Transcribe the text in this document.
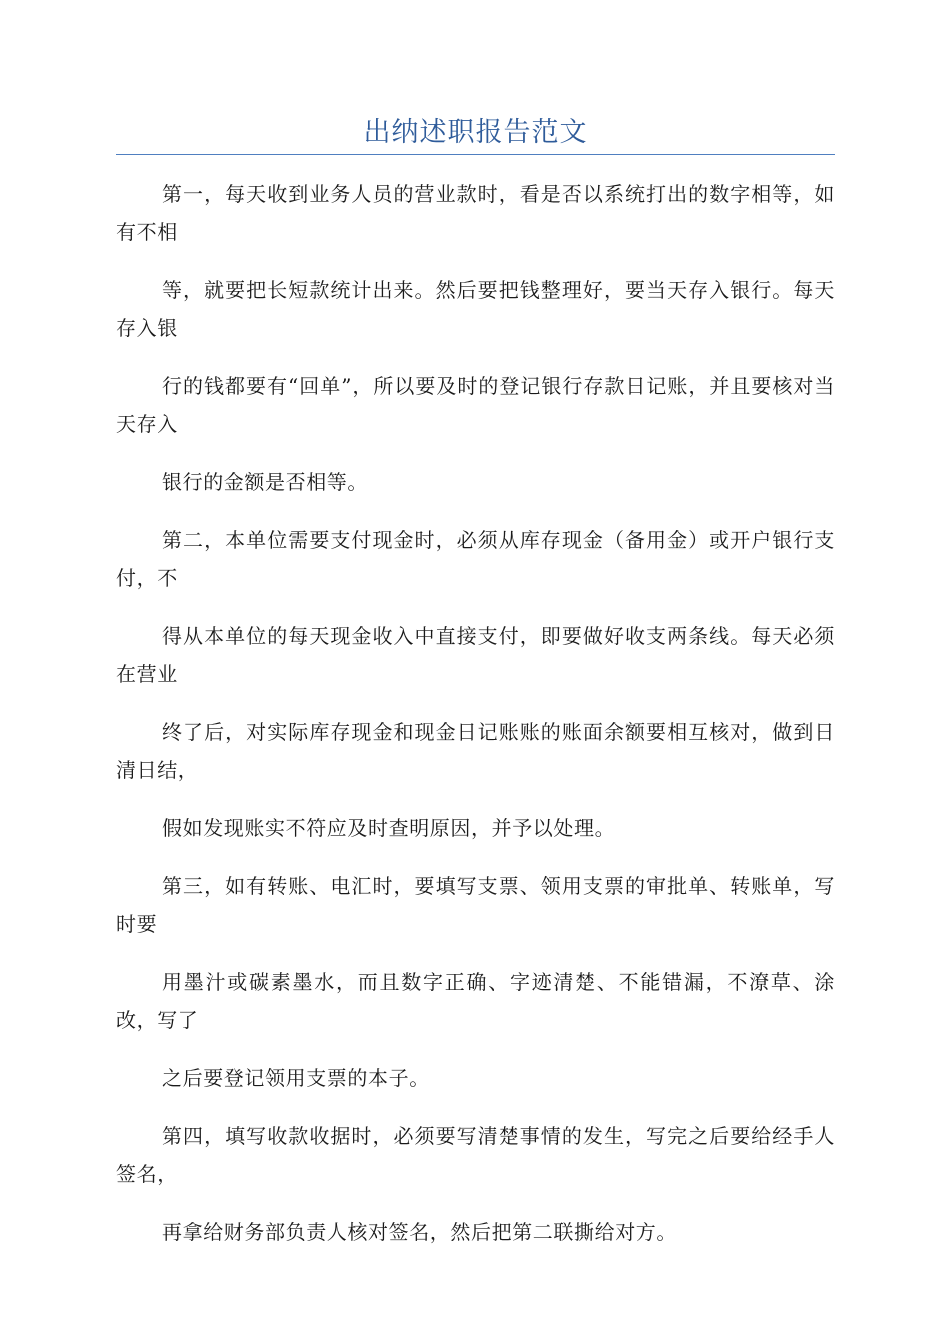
出纳述职报告范文

第一，每天收到业务人员的营业款时，看是否以系统打出的数字相等，如有不相

等，就要把长短款统计出来。然后要把钱整理好，要当天存入银行。每天存入银

行的钱都要有“回单”，所以要及时的登记银行存款日记账，并且要核对当天存入

银行的金额是否相等。

第二，本单位需要支付现金时，必须从库存现金（备用金）或开户银行支付，不

得从本单位的每天现金收入中直接支付，即要做好收支两条线。每天必须在营业

终了后，对实际库存现金和现金日记账账的账面余额要相互核对，做到日清日结，

假如发现账实不符应及时查明原因，并予以处理。

第三，如有转账、电汇时，要填写支票、领用支票的审批单、转账单，写时要

用墨汁或碳素墨水，而且数字正确、字迹清楚、不能错漏，不潦草、涂改，写了

之后要登记领用支票的本子。

第四，填写收款收据时，必须要写清楚事情的发生，写完之后要给经手人签名，

再拿给财务部负责人核对签名，然后把第二联撕给对方。
